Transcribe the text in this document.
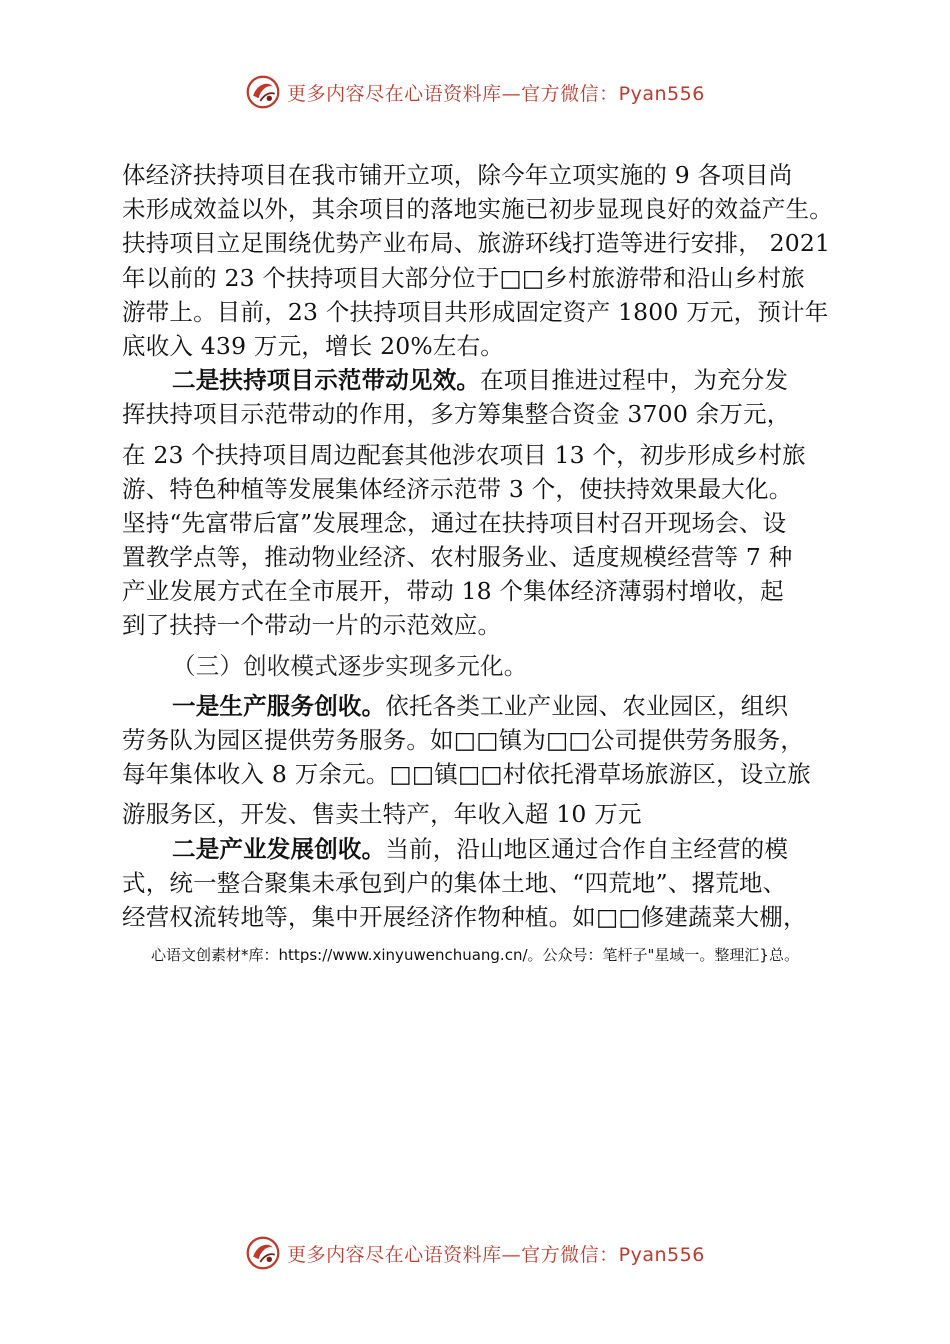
更多内容尽在心语资料库—官方微信：Pyan556
体经济扶持项目在我市铺开立项，除今年立项实施的 9 各项目尚
未形成效益以外，其余项目的落地实施已初步显现良好的效益产生。
扶持项目立足围绕优势产业布局、旅游环线打造等进行安排， 2021
年以前的 23 个扶持项目大部分位于□□乡村旅游带和沿山乡村旅
游带上。目前，23 个扶持项目共形成固定资产 1800 万元，预计年
底收入 439 万元，增长 20%左右。
二是扶持项目示范带动见效。在项目推进过程中，为充分发
挥扶持项目示范带动的作用，多方筹集整合资金 3700 余万元，
在 23 个扶持项目周边配套其他涉农项目 13 个，初步形成乡村旅
游、特色种植等发展集体经济示范带 3 个，使扶持效果最大化。
坚持“先富带后富”发展理念，通过在扶持项目村召开现场会、设
置教学点等，推动物业经济、农村服务业、适度规模经营等 7 种
产业发展方式在全市展开，带动 18 个集体经济薄弱村增收，起
到了扶持一个带动一片的示范效应。
（三）创收模式逐步实现多元化。
一是生产服务创收。依托各类工业产业园、农业园区，组织
劳务队为园区提供劳务服务。如□□镇为□□公司提供劳务服务，
每年集体收入 8 万余元。□□镇□□村依托滑草场旅游区，设立旅
游服务区，开发、售卖土特产，年收入超 10 万元
二是产业发展创收。当前，沿山地区通过合作自主经营的模
式，统一整合聚集未承包到户的集体土地、“四荒地”、撂荒地、
经营权流转地等，集中开展经济作物种植。如□□修建蔬菜大棚，
心语文创素材*库：https://www.xinyuwenchuang.cn/。公众号：笔杆子"星域一。整理汇}总。
更多内容尽在心语资料库—官方微信：Pyan556
